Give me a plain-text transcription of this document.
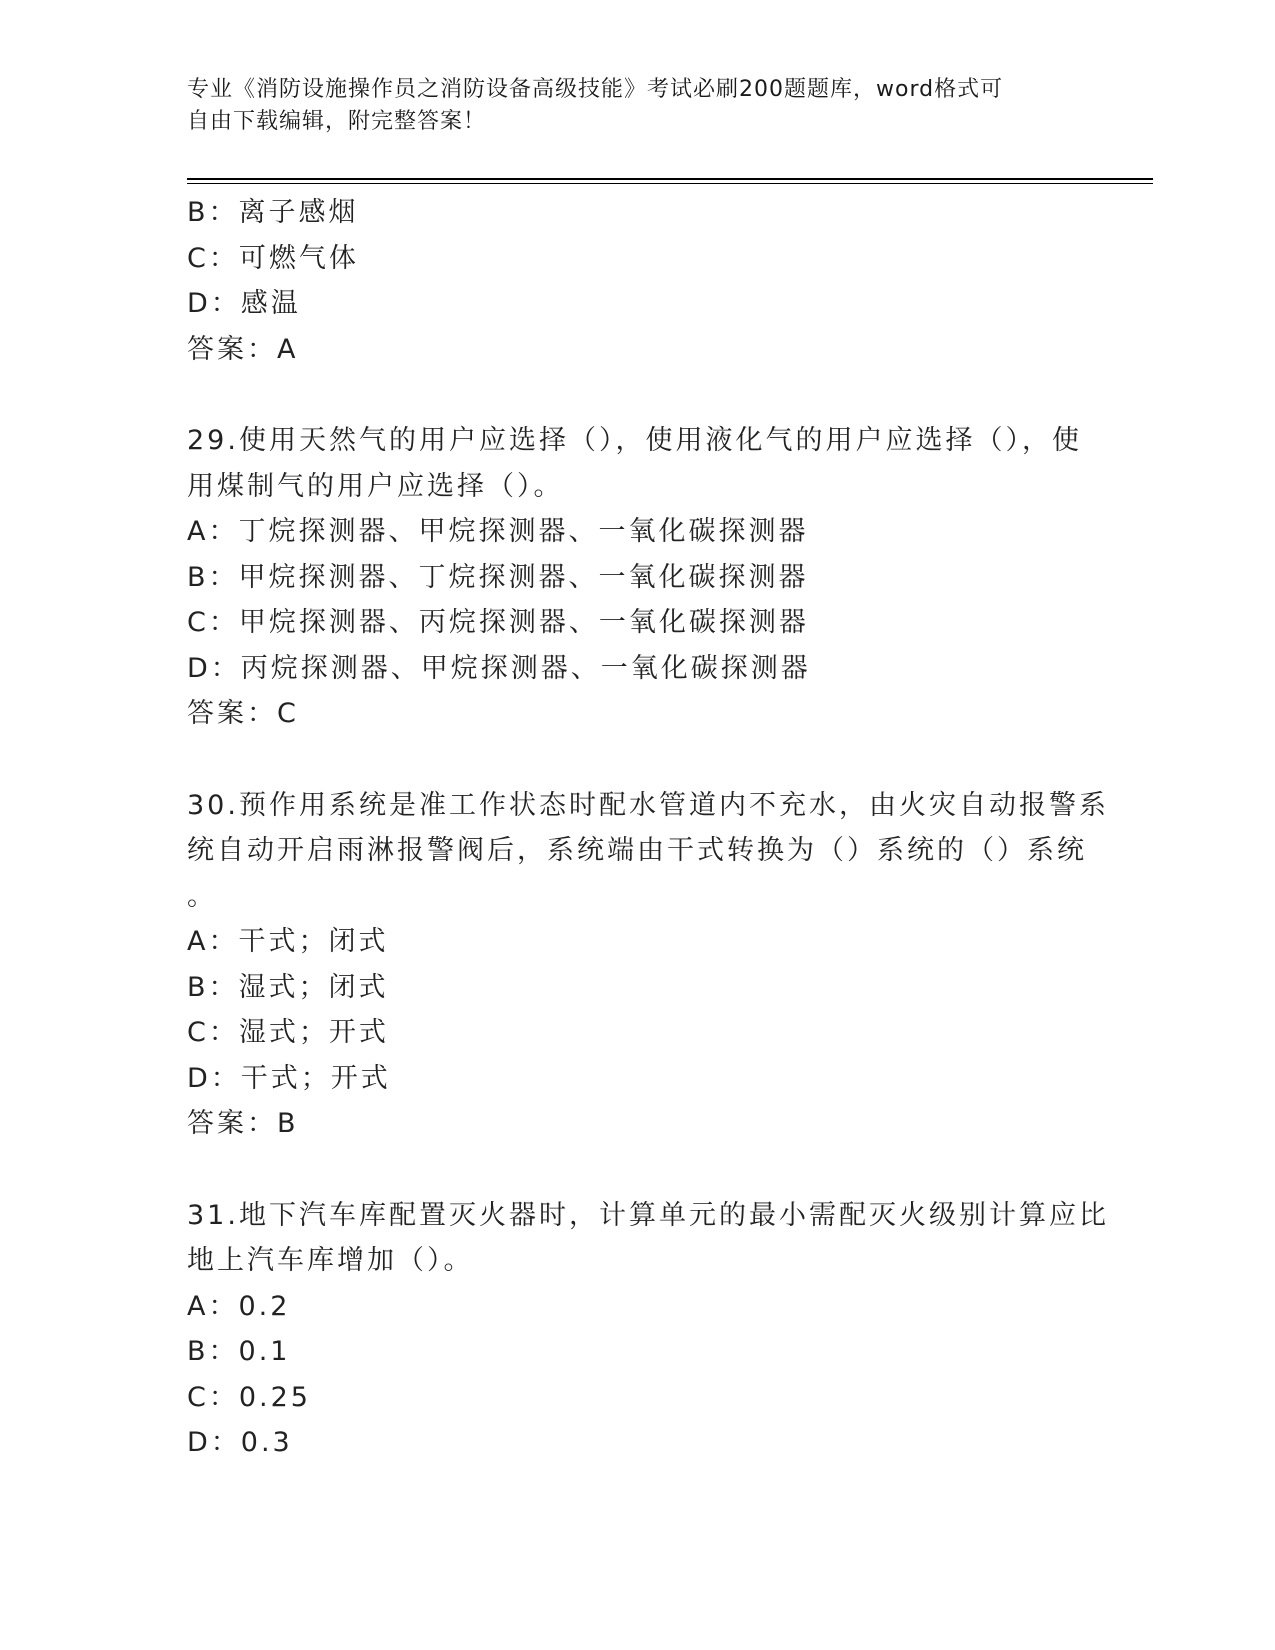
专业《消防设施操作员之消防设备高级技能》考试必刷200题题库，word格式可
自由下载编辑，附完整答案！
B：离子感烟
C：可燃气体
D：感温
答案：A
29.使用天然气的用户应选择（），使用液化气的用户应选择（），使
用煤制气的用户应选择（）。
A：丁烷探测器、甲烷探测器、一氧化碳探测器
B：甲烷探测器、丁烷探测器、一氧化碳探测器
C：甲烷探测器、丙烷探测器、一氧化碳探测器
D：丙烷探测器、甲烷探测器、一氧化碳探测器
答案：C
30.预作用系统是准工作状态时配水管道内不充水，由火灾自动报警系
统自动开启雨淋报警阀后，系统端由干式转换为（）系统的（）系统
。
A：干式；闭式
B：湿式；闭式
C：湿式；开式
D：干式；开式
答案：B
31.地下汽车库配置灭火器时，计算单元的最小需配灭火级别计算应比
地上汽车库增加（）。
A：0.2
B：0.1
C：0.25
D：0.3
